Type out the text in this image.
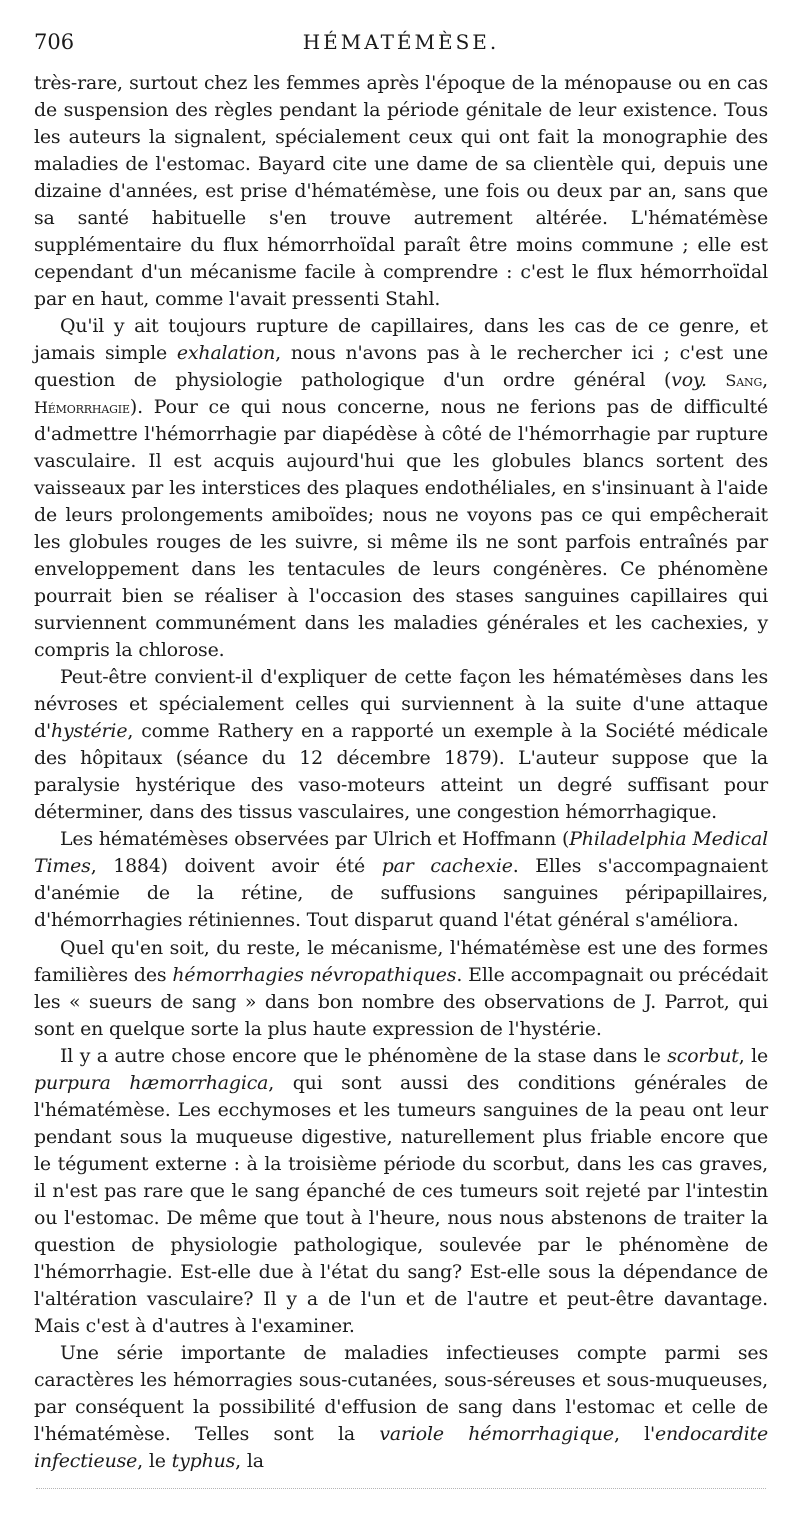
706	HÉMATÉMÈSE.

très-rare, surtout chez les femmes après l'époque de la ménopause ou en cas de suspension des règles pendant la période génitale de leur existence. Tous les auteurs la signalent, spécialement ceux qui ont fait la monographie des maladies de l'estomac. Bayard cite une dame de sa clientèle qui, depuis une dizaine d'années, est prise d'hématémèse, une fois ou deux par an, sans que sa santé habituelle s'en trouve autrement altérée. L'hématémèse supplémentaire du flux hémorrhoïdal paraît être moins commune ; elle est cependant d'un mécanisme facile à comprendre : c'est le flux hémorrhoïdal par en haut, comme l'avait pressenti Stahl.

Qu'il y ait toujours rupture de capillaires, dans les cas de ce genre, et jamais simple exhalation, nous n'avons pas à le rechercher ici ; c'est une question de physiologie pathologique d'un ordre général (voy. Sang, Hémorrhagie). Pour ce qui nous concerne, nous ne ferions pas de difficulté d'admettre l'hémorrhagie par diapédèse à côté de l'hémorrhagie par rupture vasculaire. Il est acquis aujourd'hui que les globules blancs sortent des vaisseaux par les interstices des plaques endothéliales, en s'insinuant à l'aide de leurs prolongements amiboïdes; nous ne voyons pas ce qui empêcherait les globules rouges de les suivre, si même ils ne sont parfois entraînés par enveloppement dans les tentacules de leurs congénères. Ce phénomène pourrait bien se réaliser à l'occasion des stases sanguines capillaires qui surviennent communément dans les maladies générales et les cachexies, y compris la chlorose.

Peut-être convient-il d'expliquer de cette façon les hématémèses dans les névroses et spécialement celles qui surviennent à la suite d'une attaque d'hystérie, comme Rathery en a rapporté un exemple à la Société médicale des hôpitaux (séance du 12 décembre 1879). L'auteur suppose que la paralysie hystérique des vaso-moteurs atteint un degré suffisant pour déterminer, dans des tissus vasculaires, une congestion hémorrhagique.

Les hématémèses observées par Ulrich et Hoffmann (Philadelphia Medical Times, 1884) doivent avoir été par cachexie. Elles s'accompagnaient d'anémie de la rétine, de suffusions sanguines péripapillaires, d'hémorrhagies rétiniennes. Tout disparut quand l'état général s'améliora.

Quel qu'en soit, du reste, le mécanisme, l'hématémèse est une des formes familières des hémorrhagies névropathiques. Elle accompagnait ou précédait les « sueurs de sang » dans bon nombre des observations de J. Parrot, qui sont en quelque sorte la plus haute expression de l'hystérie.

Il y a autre chose encore que le phénomène de la stase dans le scorbut, le purpura hæmorrhagica, qui sont aussi des conditions générales de l'hématémèse. Les ecchymoses et les tumeurs sanguines de la peau ont leur pendant sous la muqueuse digestive, naturellement plus friable encore que le tégument externe : à la troisième période du scorbut, dans les cas graves, il n'est pas rare que le sang épanché de ces tumeurs soit rejeté par l'intestin ou l'estomac. De même que tout à l'heure, nous nous abstenons de traiter la question de physiologie pathologique, soulevée par le phénomène de l'hémorrhagie. Est-elle due à l'état du sang? Est-elle sous la dépendance de l'altération vasculaire? Il y a de l'un et de l'autre et peut-être davantage. Mais c'est à d'autres à l'examiner.

Une série importante de maladies infectieuses compte parmi ses caractères les hémorragies sous-cutanées, sous-séreuses et sous-muqueuses, par conséquent la possibilité d'effusion de sang dans l'estomac et celle de l'hématémèse. Telles sont la variole hémorrhagique, l'endocardite infectieuse, le typhus, la
